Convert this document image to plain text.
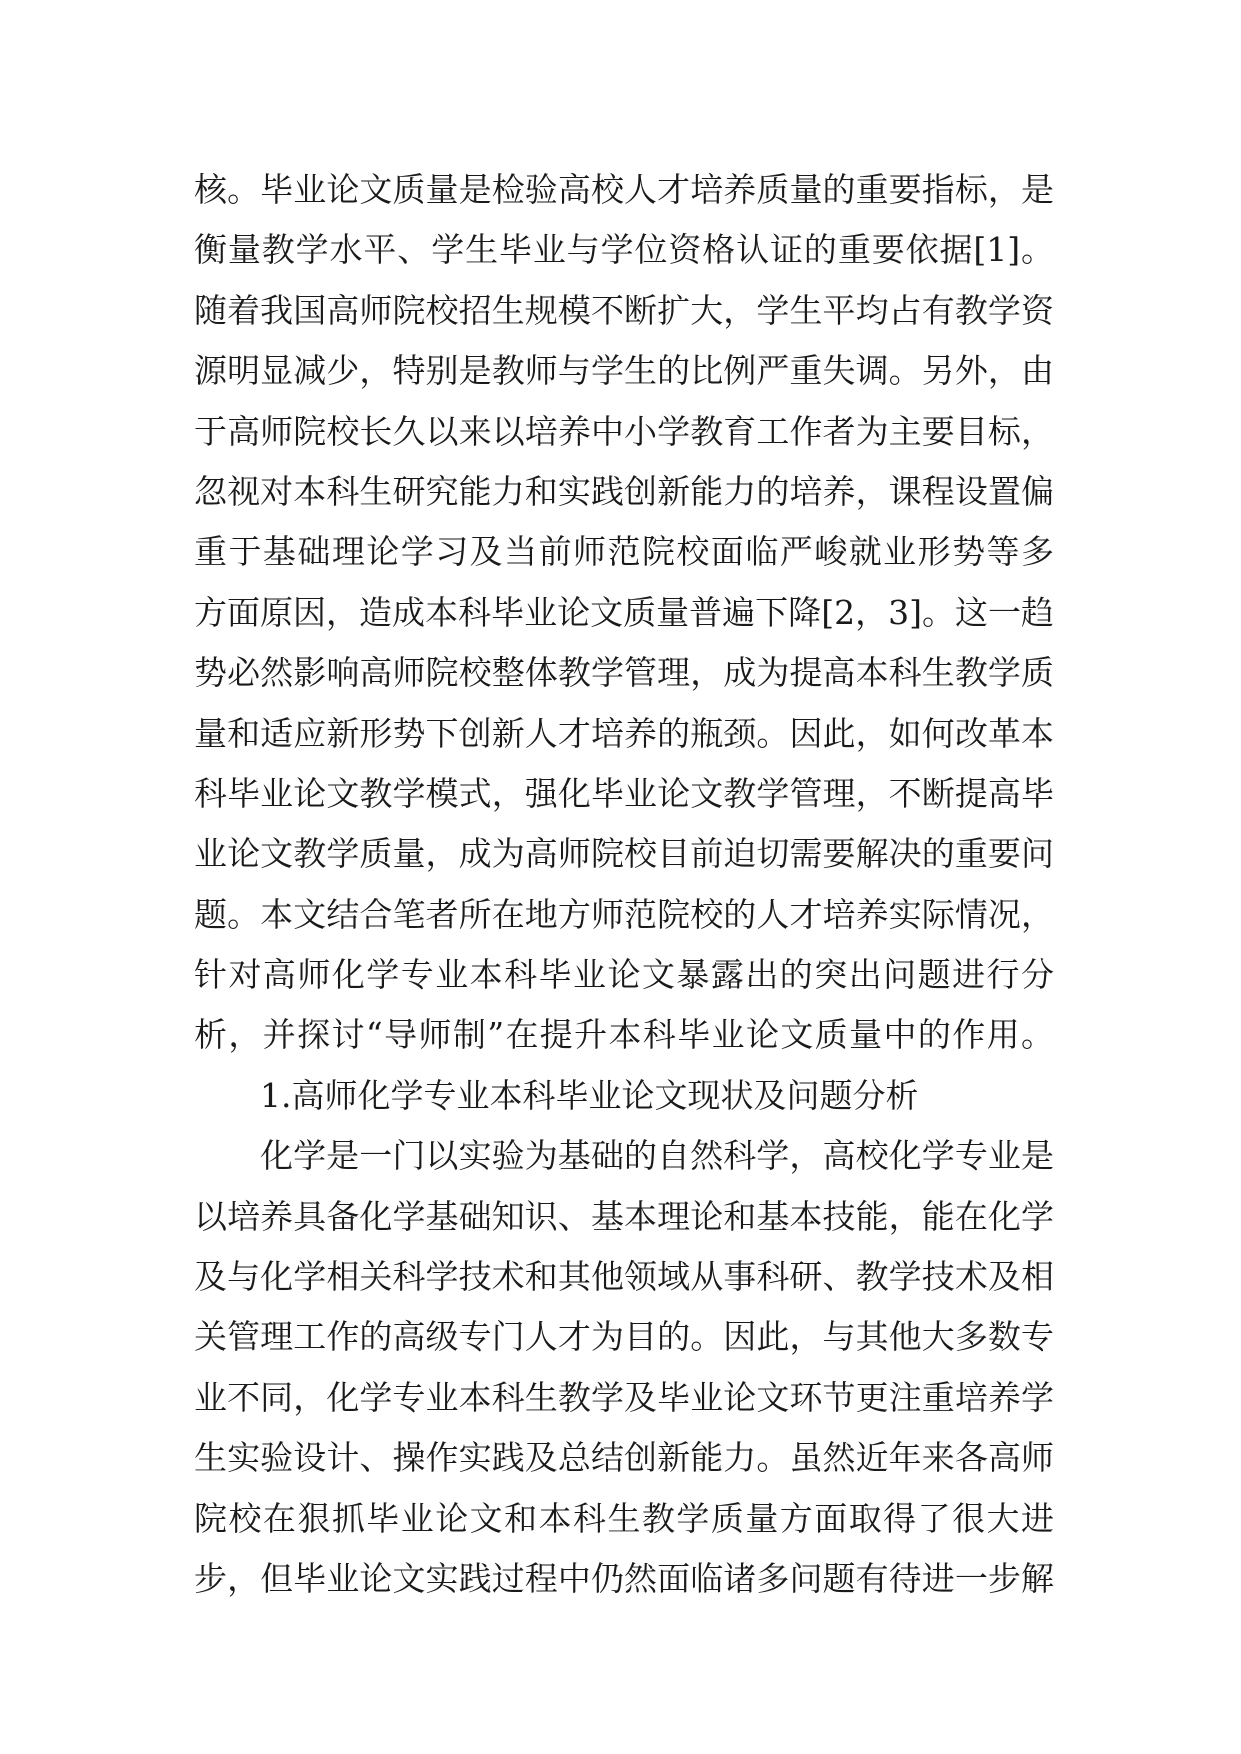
核。毕业论文质量是检验高校人才培养质量的重要指标，是
衡量教学水平、学生毕业与学位资格认证的重要依据[1]。
随着我国高师院校招生规模不断扩大，学生平均占有教学资
源明显减少，特别是教师与学生的比例严重失调。另外，由
于高师院校长久以来以培养中小学教育工作者为主要目标，
忽视对本科生研究能力和实践创新能力的培养，课程设置偏
重于基础理论学习及当前师范院校面临严峻就业形势等多
方面原因，造成本科毕业论文质量普遍下降[2，3]。这一趋
势必然影响高师院校整体教学管理，成为提高本科生教学质
量和适应新形势下创新人才培养的瓶颈。因此，如何改革本
科毕业论文教学模式，强化毕业论文教学管理，不断提高毕
业论文教学质量，成为高师院校目前迫切需要解决的重要问
题。本文结合笔者所在地方师范院校的人才培养实际情况，
针对高师化学专业本科毕业论文暴露出的突出问题进行分
析，并探讨“导师制”在提升本科毕业论文质量中的作用。
1.高师化学专业本科毕业论文现状及问题分析
化学是一门以实验为基础的自然科学，高校化学专业是
以培养具备化学基础知识、基本理论和基本技能，能在化学
及与化学相关科学技术和其他领域从事科研、教学技术及相
关管理工作的高级专门人才为目的。因此，与其他大多数专
业不同，化学专业本科生教学及毕业论文环节更注重培养学
生实验设计、操作实践及总结创新能力。虽然近年来各高师
院校在狠抓毕业论文和本科生教学质量方面取得了很大进
步，但毕业论文实践过程中仍然面临诸多问题有待进一步解
